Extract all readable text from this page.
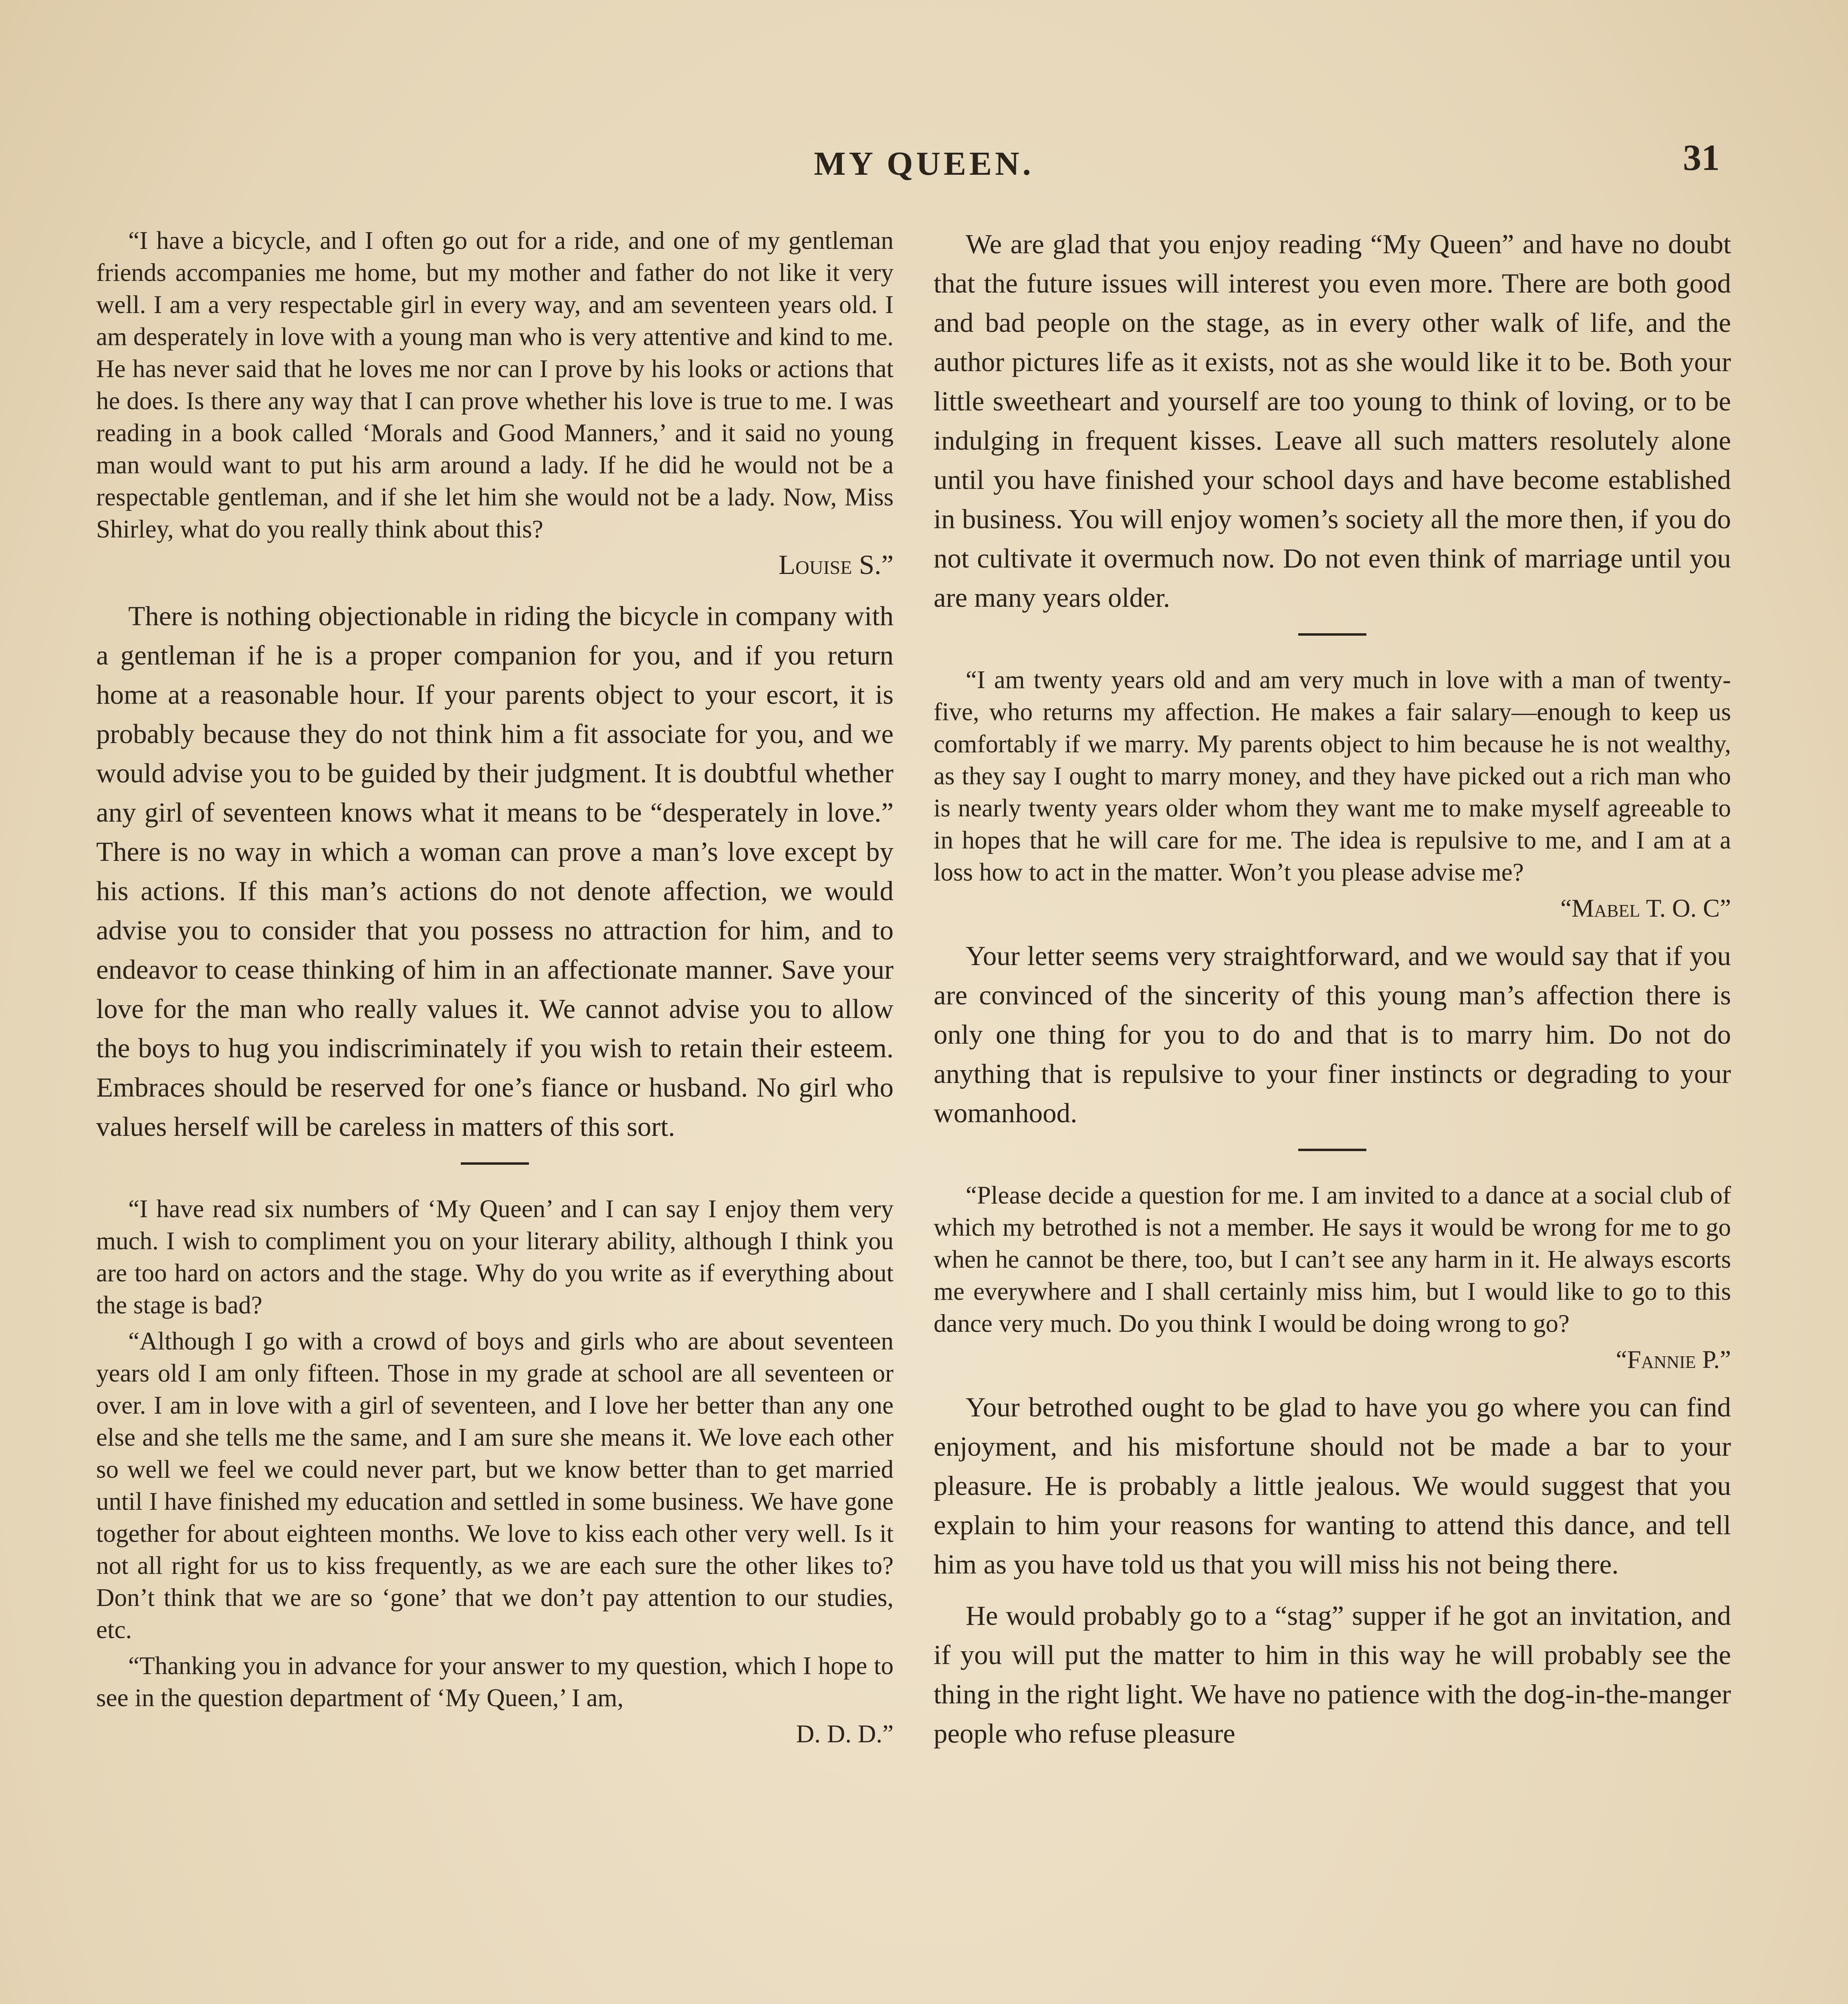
MY QUEEN.	31

“I have a bicycle, and I often go out for a ride, and one of my gentleman friends accompanies me home, but my mother and father do not like it very well. I am a very respectable girl in every way, and am seventeen years old. I am desperately in love with a young man who is very attentive and kind to me. He has never said that he loves me nor can I prove by his looks or actions that he does. Is there any way that I can prove whether his love is true to me. I was reading in a book called ‘Morals and Good Manners,’ and it said no young man would want to put his arm around a lady. If he did he would not be a respectable gentleman, and if she let him she would not be a lady. Now, Miss Shirley, what do you really think about this?

Louise S.”

There is nothing objectionable in riding the bicycle in company with a gentleman if he is a proper companion for you, and if you return home at a reasonable hour. If your parents object to your escort, it is probably because they do not think him a fit associate for you, and we would advise you to be guided by their judgment. It is doubtful whether any girl of seventeen knows what it means to be “desperately in love.” There is no way in which a woman can prove a man’s love except by his actions. If this man’s actions do not denote affection, we would advise you to consider that you possess no attraction for him, and to endeavor to cease thinking of him in an affectionate manner. Save your love for the man who really values it. We cannot advise you to allow the boys to hug you indiscriminately if you wish to retain their esteem. Embraces should be reserved for one’s fiance or husband. No girl who values herself will be careless in matters of this sort.

“I have read six numbers of ‘My Queen’ and I can say I enjoy them very much. I wish to compliment you on your literary ability, although I think you are too hard on actors and the stage. Why do you write as if everything about the stage is bad?

“Although I go with a crowd of boys and girls who are about seventeen years old I am only fifteen. Those in my grade at school are all seventeen or over. I am in love with a girl of seventeen, and I love her better than any one else and she tells me the same, and I am sure she means it. We love each other so well we feel we could never part, but we know better than to get married until I have finished my education and settled in some business. We have gone together for about eighteen months. We love to kiss each other very well. Is it not all right for us to kiss frequently, as we are each sure the other likes to? Don’t think that we are so ‘gone’ that we don’t pay attention to our studies, etc.

“Thanking you in advance for your answer to my question, which I hope to see in the question department of ‘My Queen,’ I am,

D. D. D.”

We are glad that you enjoy reading “My Queen” and have no doubt that the future issues will interest you even more. There are both good and bad people on the stage, as in every other walk of life, and the author pictures life as it exists, not as she would like it to be. Both your little sweetheart and yourself are too young to think of loving, or to be indulging in frequent kisses. Leave all such matters resolutely alone until you have finished your school days and have become established in business. You will enjoy women’s society all the more then, if you do not cultivate it overmuch now. Do not even think of marriage until you are many years older.

“I am twenty years old and am very much in love with a man of twenty-five, who returns my affection. He makes a fair salary—enough to keep us comfortably if we marry. My parents object to him because he is not wealthy, as they say I ought to marry money, and they have picked out a rich man who is nearly twenty years older whom they want me to make myself agreeable to in hopes that he will care for me. The idea is repulsive to me, and I am at a loss how to act in the matter. Won’t you please advise me?

“Mabel T. O. C”

Your letter seems very straightforward, and we would say that if you are convinced of the sincerity of this young man’s affection there is only one thing for you to do and that is to marry him. Do not do anything that is repulsive to your finer instincts or degrading to your womanhood.

“Please decide a question for me. I am invited to a dance at a social club of which my betrothed is not a member. He says it would be wrong for me to go when he cannot be there, too, but I can’t see any harm in it. He always escorts me everywhere and I shall certainly miss him, but I would like to go to this dance very much. Do you think I would be doing wrong to go?

“Fannie P.”

Your betrothed ought to be glad to have you go where you can find enjoyment, and his misfortune should not be made a bar to your pleasure. He is probably a little jealous. We would suggest that you explain to him your reasons for wanting to attend this dance, and tell him as you have told us that you will miss his not being there.

He would probably go to a “stag” supper if he got an invitation, and if you will put the matter to him in this way he will probably see the thing in the right light. We have no patience with the dog-in-the-manger people who refuse pleasure
